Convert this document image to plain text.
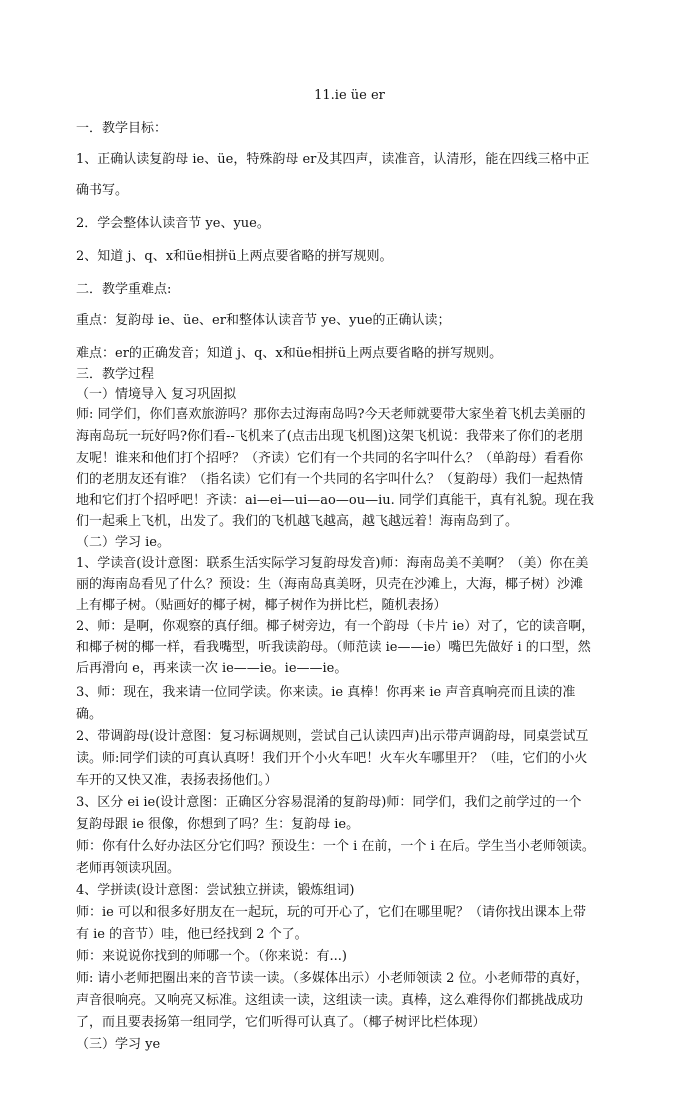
11.ie üe er
一．教学目标：
1、正确认读复韵母 ie、üe，特殊韵母 er及其四声，读准音，认清形，能在四线三格中正
确书写。
2．学会整体认读音节 ye、yue。
2、知道 j、q、x和üe相拼ü上两点要省略的拼写规则。
二．教学重难点:
重点：复韵母 ie、üe、er和整体认读音节 ye、yue的正确认读；
难点：er的正确发音；知道 j、q、x和üe相拼ü上两点要省略的拼写规则。
三．教学过程
（一）情境导入 复习巩固拟
师: 同学们，你们喜欢旅游吗？那你去过海南岛吗?今天老师就要带大家坐着飞机去美丽的
海南岛玩一玩好吗?你们看--飞机来了(点击出现飞机图)这架飞机说：我带来了你们的老朋
友呢！谁来和他们打个招呼？（齐读）它们有一个共同的名字叫什么？（单韵母）看看你
们的老朋友还有谁？（指名读）它们有一个共同的名字叫什么？（复韵母）我们一起热情
地和它们打个招呼吧！齐读：ai—ei—ui—ao—ou—iu. 同学们真能干，真有礼貌。现在我
们一起乘上飞机，出发了。我们的飞机越飞越高，越飞越远着！海南岛到了。
（二）学习 ie。
1、学读音(设计意图：联系生活实际学习复韵母发音)师：海南岛美不美啊？（美）你在美
丽的海南岛看见了什么？预设：生（海南岛真美呀，贝壳在沙滩上，大海，椰子树）沙滩
上有椰子树。（贴画好的椰子树，椰子树作为拼比栏，随机表扬）
2、师：是啊，你观察的真仔细。椰子树旁边，有一个韵母（卡片 ie）对了，它的读音啊，
和椰子树的椰一样，看我嘴型，听我读韵母。（师范读 ie——ie）嘴巴先做好 i 的口型，然
后再滑向 e，再来读一次 ie——ie。ie——ie。
3、师：现在，我来请一位同学读。你来读。ie 真棒！你再来 ie 声音真响亮而且读的准
确。
2、带调韵母(设计意图：复习标调规则，尝试自己认读四声)出示带声调韵母，同桌尝试互
读。师:同学们读的可真认真呀！我们开个小火车吧！火车火车哪里开？（哇，它们的小火
车开的又快又准，表扬表扬他们。）
3、区分 ei ie(设计意图：正确区分容易混淆的复韵母)师：同学们，我们之前学过的一个
复韵母跟 ie 很像，你想到了吗？生：复韵母 ie。
师：你有什么好办法区分它们吗？预设生：一个 i 在前，一个 i 在后。学生当小老师领读。
老师再领读巩固。
4、学拼读(设计意图：尝试独立拼读，锻炼组词)
师：ie 可以和很多好朋友在一起玩，玩的可开心了，它们在哪里呢？（请你找出课本上带
有 ie 的音节）哇，他已经找到 2 个了。
师：来说说你找到的师哪一个。（你来说：有...)
师: 请小老师把圈出来的音节读一读。（多媒体出示）小老师领读 2 位。小老师带的真好，
声音很响亮。又响亮又标准。这组读一读，这组读一读。真棒，这么难得你们都挑战成功
了，而且要表扬第一组同学，它们听得可认真了。（椰子树评比栏体现）
（三）学习 ye
